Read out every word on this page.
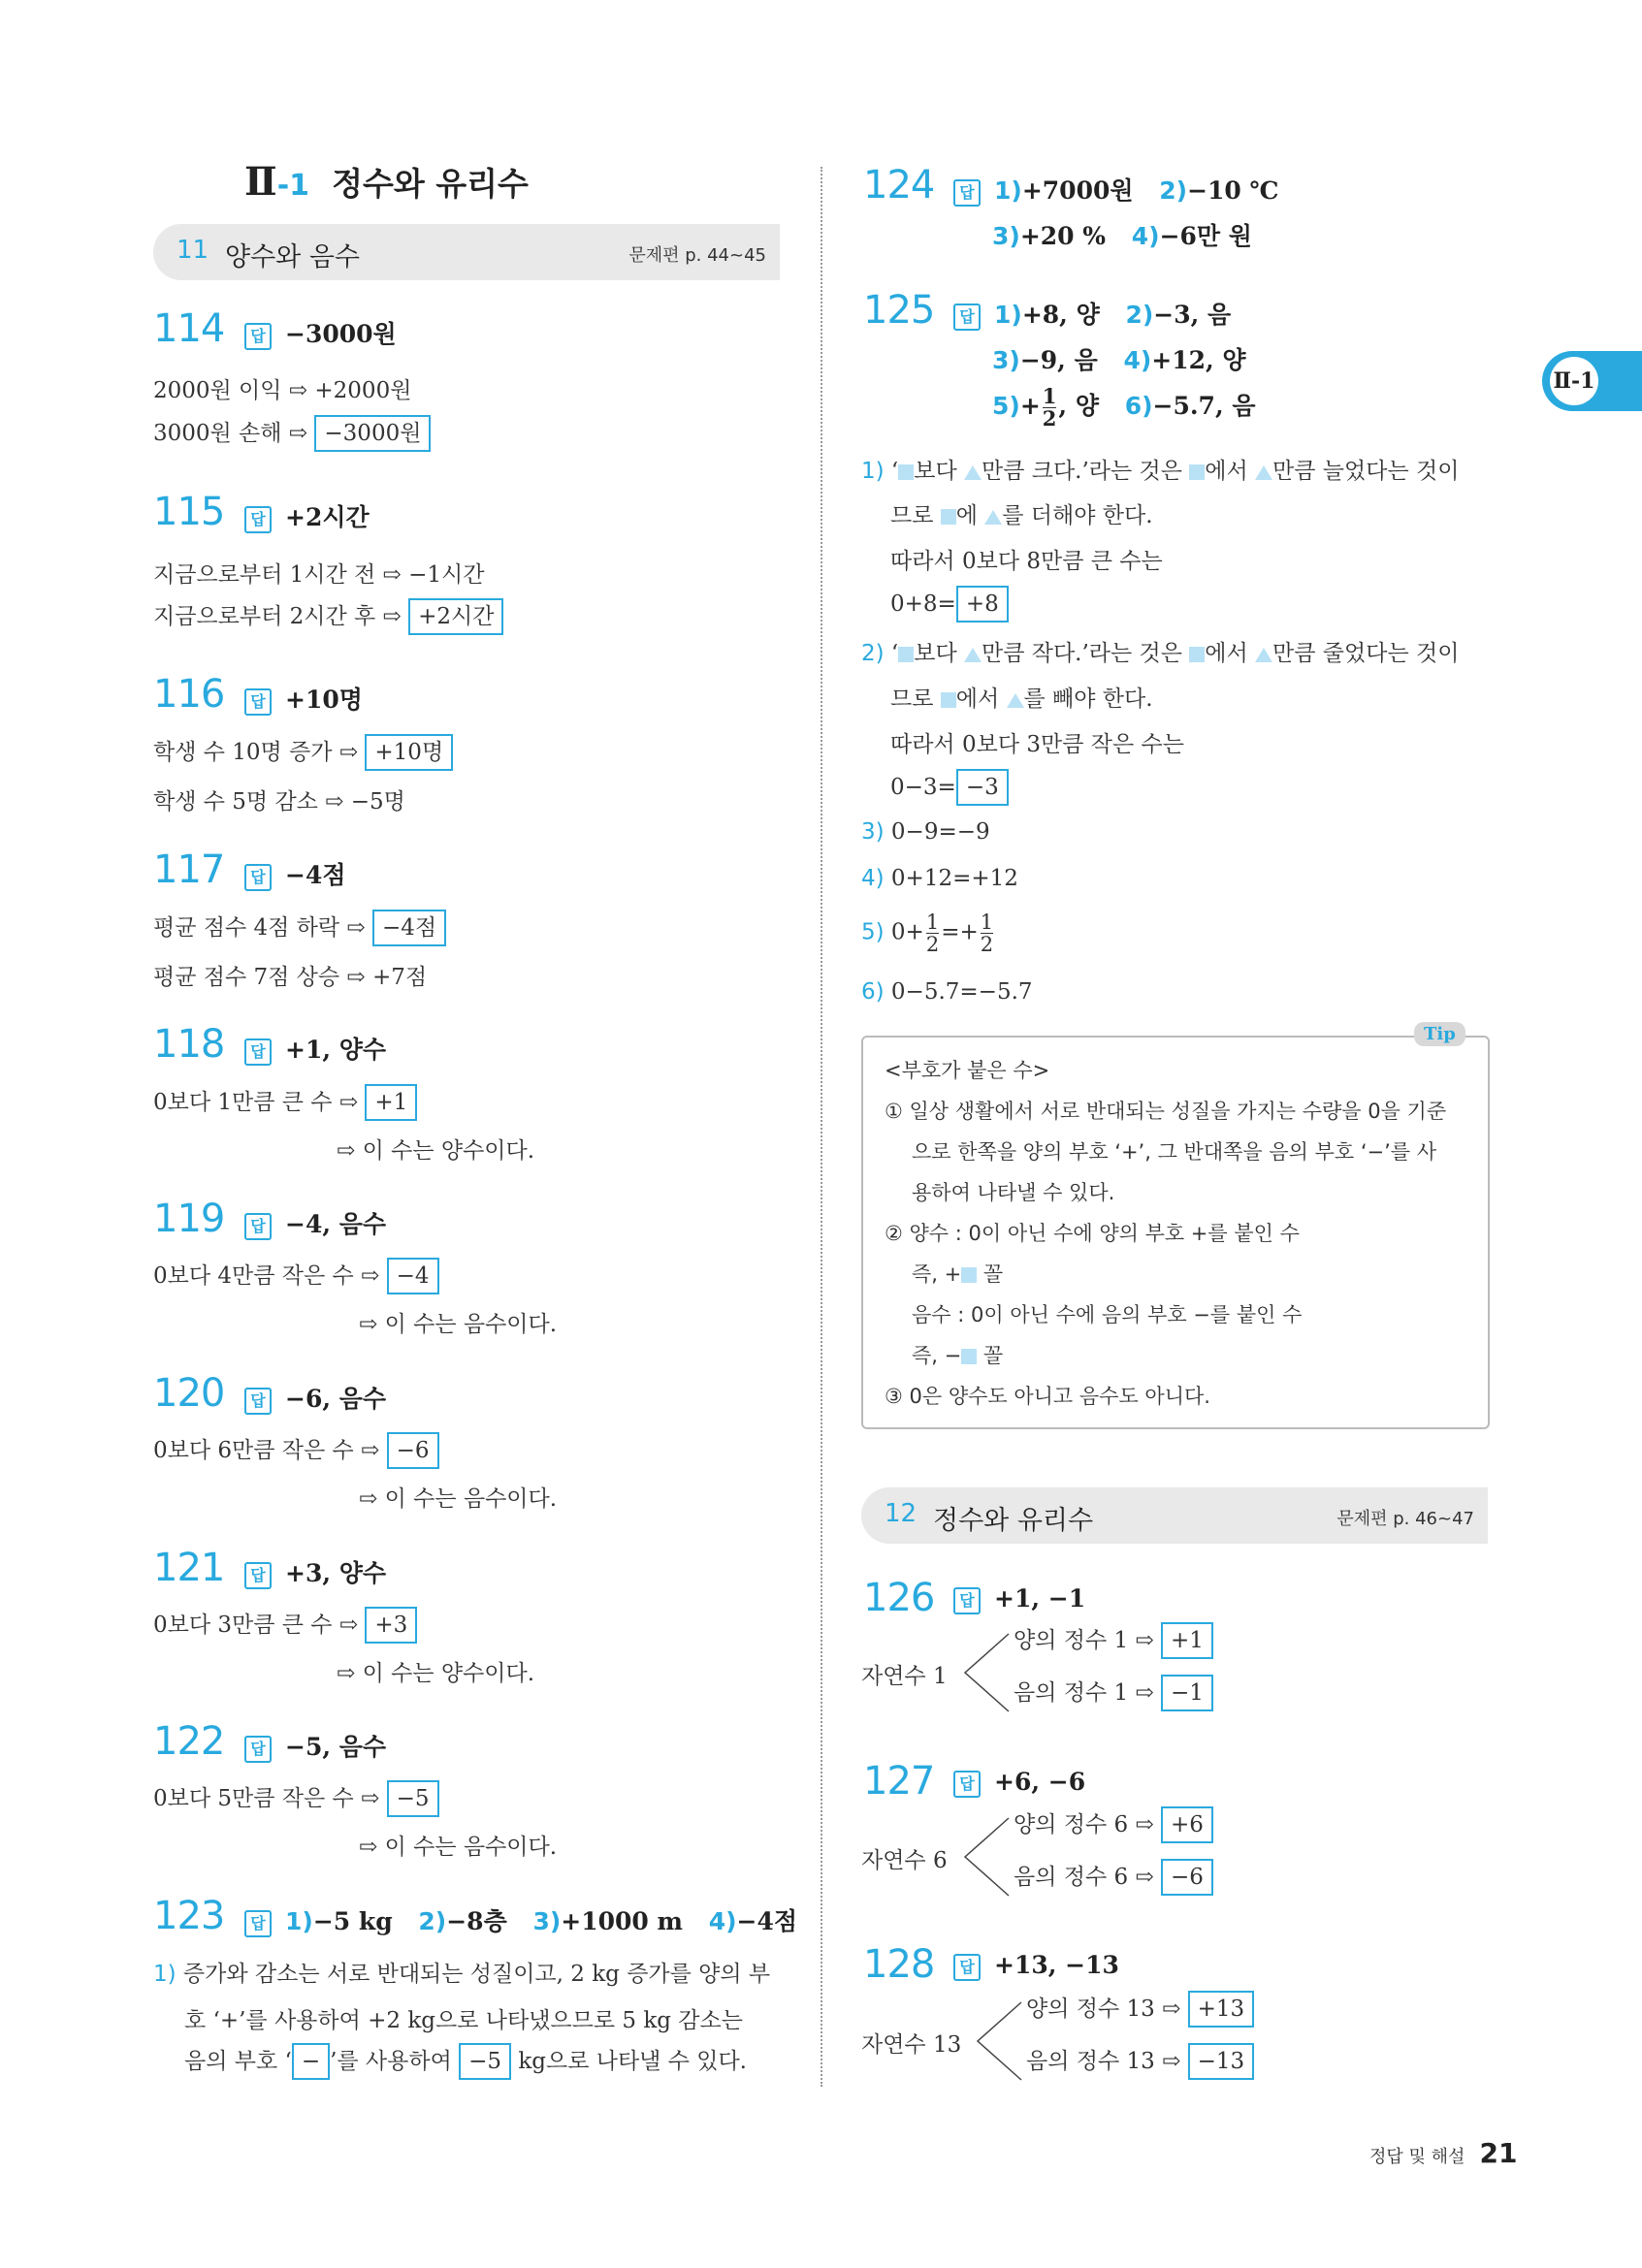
Ⅱ-1 정수와 유리수
11 양수와 음수	문제편 p. 44~45
114	답 −3000원
2000원 이익 ⇨ +2000원
3000원 손해 ⇨ −3000원
115	답 +2시간
지금으로부터 1시간 전 ⇨ −1시간
지금으로부터 2시간 후 ⇨ +2시간
116	답 +10명
학생 수 10명 증가 ⇨ +10명
학생 수 5명 감소 ⇨ −5명
117	답 −4점
평균 점수 4점 하락 ⇨ −4점
평균 점수 7점 상승 ⇨ +7점
118	답 +1, 양수
0보다 1만큼 큰 수 ⇨ +1
⇨ 이 수는 양수이다.
119	답 −4, 음수
0보다 4만큼 작은 수 ⇨ −4
⇨ 이 수는 음수이다.
120	답 −6, 음수
0보다 6만큼 작은 수 ⇨ −6
⇨ 이 수는 음수이다.
121	답 +3, 양수
0보다 3만큼 큰 수 ⇨ +3
⇨ 이 수는 양수이다.
122	답 −5, 음수
0보다 5만큼 작은 수 ⇨ −5
⇨ 이 수는 음수이다.
123	답 1)−5 kg 2)−8층 3)+1000 m 4)−4점
1) 증가와 감소는 서로 반대되는 성질이고, 2 kg 증가를 양의 부
호 ‘+’를 사용하여 +2 kg으로 나타냈으므로 5 kg 감소는
음의 부호 ‘ − ’를 사용하여 −5 kg으로 나타낼 수 있다.
124	답 1)+7000원 2)−10 ℃
3)+20 % 4)−6만 원
125	답 1)+8, 양 2)−3, 음
3)−9, 음 4)+12, 양
$5)+ \frac{1}{2}$ , 양 6)−5.7, 음
1) ‘ 보다 만큼 크다.’라는 것은 에서 만큼 늘었다는 것이
므로 에 를 더해야 한다.
따라서 0보다 8만큼 큰 수는
0+8= +8
2) ‘ 보다 만큼 작다.’라는 것은 에서 만큼 줄었다는 것이
므로 에서 를 빼야 한다.
따라서 0보다 3만큼 작은 수는
0−3= −3
3) 0−9=−9
4) 0+12=+12
5) $0+ \frac{1}{2} =+ \frac{1}{2}$
6) 0−5.7=−5.7
Tip
<부호가 붙은 수>
① 일상 생활에서 서로 반대되는 성질을 가지는 수량을 0을 기준
으로 한쪽을 양의 부호 ‘+’, 그 반대쪽을 음의 부호 ‘−’를 사
용하여 나타낼 수 있다.
② 양수 : 0이 아닌 수에 양의 부호 +를 붙인 수
즉, + 꼴
음수 : 0이 아닌 수에 음의 부호 −를 붙인 수
즉, − 꼴
③ 0은 양수도 아니고 음수도 아니다.
12 정수와 유리수	문제편 p. 46~47
126	답 +1, −1
자연수 1
양의 정수 1 ⇨ +1
음의 정수 1 ⇨ −1
127	답 +6, −6
자연수 6
양의 정수 6 ⇨ +6
음의 정수 6 ⇨ −6
128	답 +13, −13
자연수 13
양의 정수 13 ⇨ +13
음의 정수 13 ⇨ −13
Ⅱ-1
정답 및 해설 21
